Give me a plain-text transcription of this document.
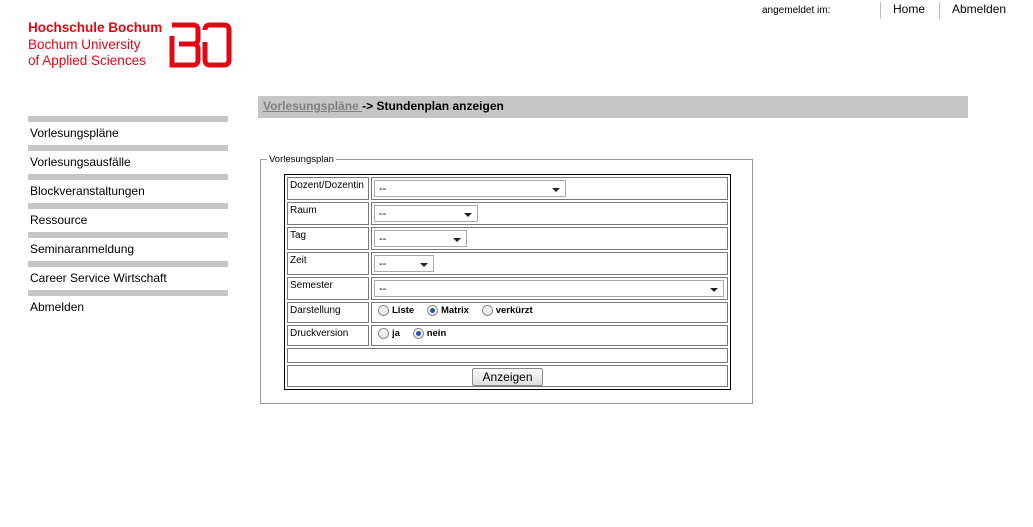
Hochschule Bochum
Bochum University
of Applied Sciences
angemeldet im:	Home	Abmelden
Vorlesungspläne
Vorlesungsausfälle
Blockveranstaltungen
Ressource
Seminaranmeldung
Career Service Wirtschaft
Abmelden
Vorlesungspläne -> Stundenplan anzeigen
Vorlesungsplan
Dozent/Dozentin	--

Raum	--

Tag	--

Zeit	--

Semester	--

Darstellung	Liste Matrix verkürzt
Druckversion	ja nein

Anzeigen	
